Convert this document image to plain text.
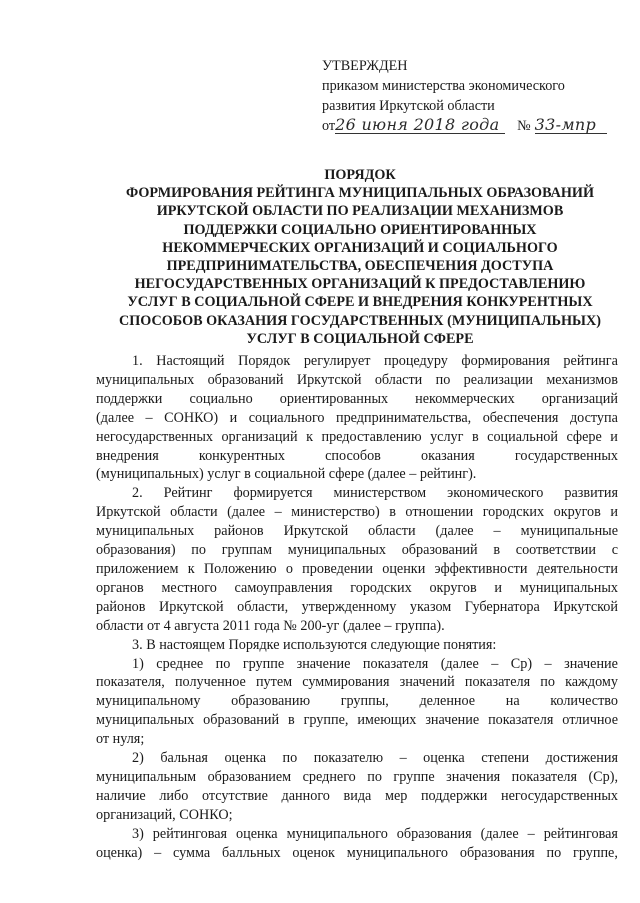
УТВЕРЖДЕН
приказом министерства экономического
развития Иркутской области
от 26 июня 2018 года	№ 33-мпр
ПОРЯДОК
ФОРМИРОВАНИЯ РЕЙТИНГА МУНИЦИПАЛЬНЫХ ОБРАЗОВАНИЙ
ИРКУТСКОЙ ОБЛАСТИ ПО РЕАЛИЗАЦИИ МЕХАНИЗМОВ
ПОДДЕРЖКИ СОЦИАЛЬНО ОРИЕНТИРОВАННЫХ
НЕКОММЕРЧЕСКИХ ОРГАНИЗАЦИЙ И СОЦИАЛЬНОГО
ПРЕДПРИНИМАТЕЛЬСТВА, ОБЕСПЕЧЕНИЯ ДОСТУПА
НЕГОСУДАРСТВЕННЫХ ОРГАНИЗАЦИЙ К ПРЕДОСТАВЛЕНИЮ
УСЛУГ В СОЦИАЛЬНОЙ СФЕРЕ И ВНЕДРЕНИЯ КОНКУРЕНТНЫХ
СПОСОБОВ ОКАЗАНИЯ ГОСУДАРСТВЕННЫХ (МУНИЦИПАЛЬНЫХ)
УСЛУГ В СОЦИАЛЬНОЙ СФЕРЕ
1. Настоящий Порядок регулирует процедуру формирования рейтинга
муниципальных образований Иркутской области по реализации механизмов
поддержки социально ориентированных некоммерческих организаций
(далее – СОНКО) и социального предпринимательства, обеспечения доступа
негосударственных организаций к предоставлению услуг в социальной сфере и
внедрения	конкурентных	способов	оказания	государственных
(муниципальных) услуг в социальной сфере (далее – рейтинг).
2. Рейтинг формируется министерством экономического развития
Иркутской области (далее – министерство) в отношении городских округов и
муниципальных районов Иркутской области (далее – муниципальные
образования) по группам муниципальных образований в соответствии с
приложением к Положению о проведении оценки эффективности деятельности
органов местного самоуправления городских округов и муниципальных
районов Иркутской области, утвержденному указом Губернатора Иркутской
области от 4 августа 2011 года № 200-уг (далее – группа).
3. В настоящем Порядке используются следующие понятия:
1) среднее по группе значение показателя (далее – Ср) – значение
показателя, полученное путем суммирования значений показателя по каждому
муниципальному образованию группы, деленное на количество
муниципальных образований в группе, имеющих значение показателя отличное
от нуля;
2) бальная оценка по показателю – оценка степени достижения
муниципальным образованием среднего по группе значения показателя (Ср),
наличие либо отсутствие данного вида мер поддержки негосударственных
организаций, СОНКО;
3) рейтинговая оценка муниципального образования (далее – рейтинговая
оценка) – сумма балльных оценок муниципального образования по группе,
